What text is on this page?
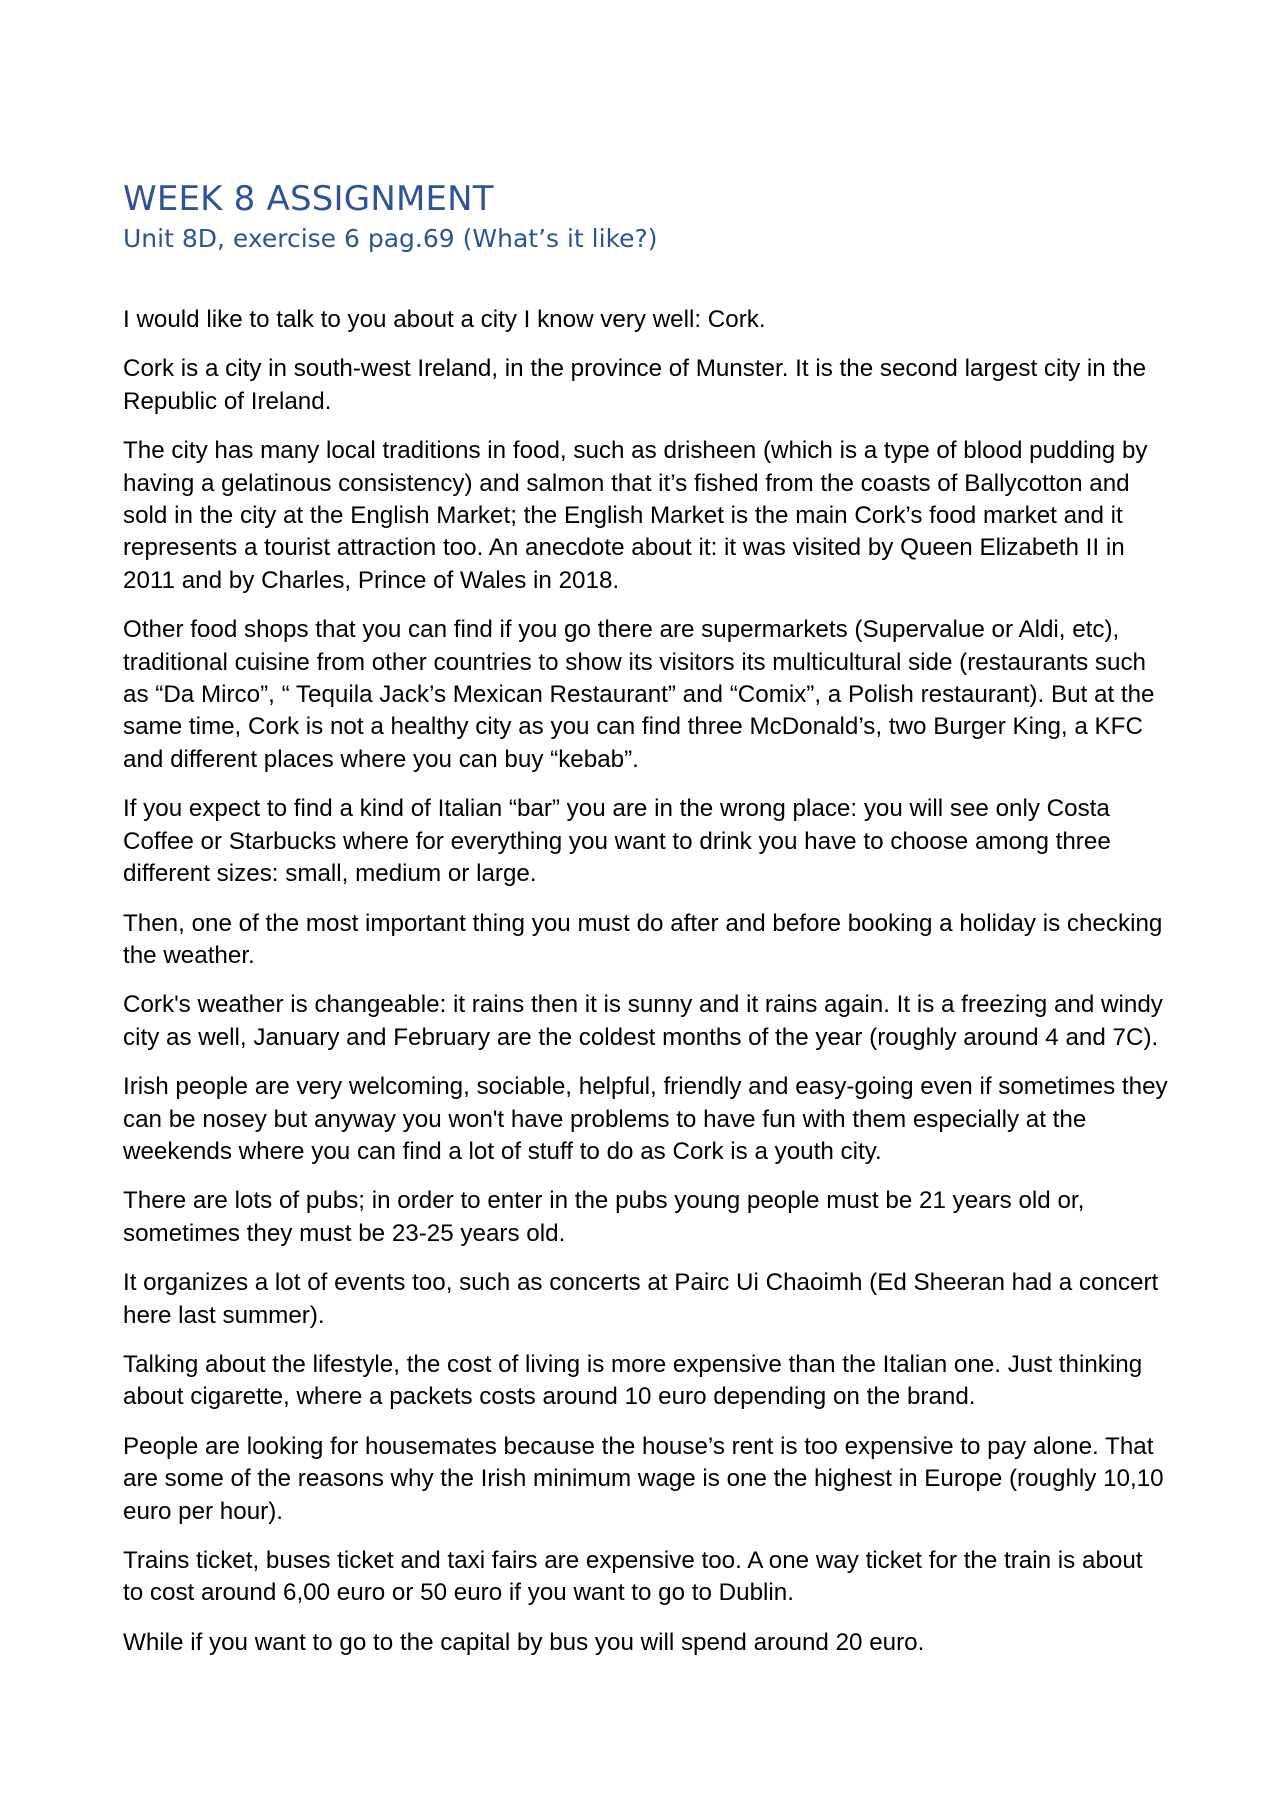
WEEK 8 ASSIGNMENT
Unit 8D, exercise 6 pag.69 (What’s it like?)

I would like to talk to you about a city I know very well: Cork.

Cork is a city in south-west Ireland, in the province of Munster. It is the second largest city in the Republic of Ireland.

The city has many local traditions in food, such as drisheen (which is a type of blood pudding by having a gelatinous consistency) and salmon that it’s fished from the coasts of Ballycotton and sold in the city at the English Market; the English Market is the main Cork’s food market and it represents a tourist attraction too. An anecdote about it: it was visited by Queen Elizabeth II in 2011 and by Charles, Prince of Wales in 2018.

Other food shops that you can find if you go there are supermarkets (Supervalue or Aldi, etc), traditional cuisine from other countries to show its visitors its multicultural side (restaurants such as “Da Mirco”, “ Tequila Jack’s Mexican Restaurant” and “Comix”, a Polish restaurant). But at the same time, Cork is not a healthy city as you can find three McDonald’s, two Burger King, a KFC and different places where you can buy “kebab”.

If you expect to find a kind of Italian “bar” you are in the wrong place: you will see only Costa Coffee or Starbucks where for everything you want to drink you have to choose among three different sizes: small, medium or large.

Then, one of the most important thing you must do after and before booking a holiday is checking the weather.

Cork's weather is changeable: it rains then it is sunny and it rains again. It is a freezing and windy city as well, January and February are the coldest months of the year (roughly around 4 and 7C).

Irish people are very welcoming, sociable, helpful, friendly and easy-going even if sometimes they can be nosey but anyway you won't have problems to have fun with them especially at the weekends where you can find a lot of stuff to do as Cork is a youth city.

There are lots of pubs; in order to enter in the pubs young people must be 21 years old or, sometimes they must be 23-25 years old.

It organizes a lot of events too, such as concerts at Pairc Ui Chaoimh (Ed Sheeran had a concert here last summer).

Talking about the lifestyle, the cost of living is more expensive than the Italian one. Just thinking about cigarette, where a packets costs around 10 euro depending on the brand.

People are looking for housemates because the house’s rent is too expensive to pay alone. That are some of the reasons why the Irish minimum wage is one the highest in Europe (roughly 10,10 euro per hour).

Trains ticket, buses ticket and taxi fairs are expensive too. A one way ticket for the train is about to cost around 6,00 euro or 50 euro if you want to go to Dublin.

While if you want to go to the capital by bus you will spend around 20 euro.
